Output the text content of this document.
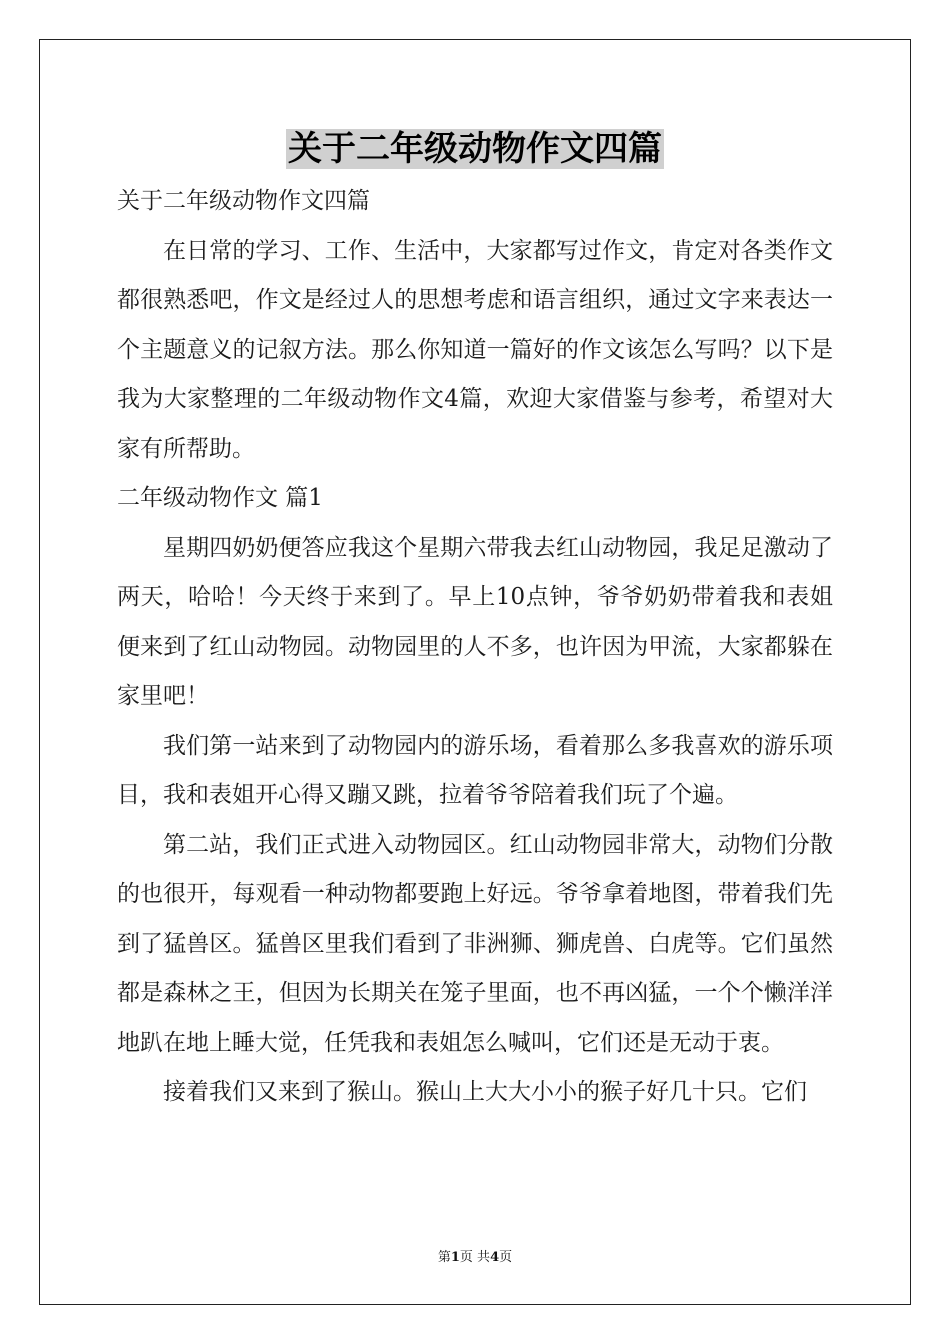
关于二年级动物作文四篇

关于二年级动物作文四篇

在日常的学习、工作、生活中，大家都写过作文，肯定对各类作文都很熟悉吧，作文是经过人的思想考虑和语言组织，通过文字来表达一个主题意义的记叙方法。那么你知道一篇好的作文该怎么写吗？以下是我为大家整理的二年级动物作文4篇，欢迎大家借鉴与参考，希望对大家有所帮助。

二年级动物作文 篇1

星期四奶奶便答应我这个星期六带我去红山动物园，我足足激动了两天，哈哈！今天终于来到了。早上10点钟，爷爷奶奶带着我和表姐便来到了红山动物园。动物园里的人不多，也许因为甲流，大家都躲在家里吧！

我们第一站来到了动物园内的游乐场，看着那么多我喜欢的游乐项目，我和表姐开心得又蹦又跳，拉着爷爷陪着我们玩了个遍。

第二站，我们正式进入动物园区。红山动物园非常大，动物们分散的也很开，每观看一种动物都要跑上好远。爷爷拿着地图，带着我们先到了猛兽区。猛兽区里我们看到了非洲狮、狮虎兽、白虎等。它们虽然都是森林之王，但因为长期关在笼子里面，也不再凶猛，一个个懒洋洋地趴在地上睡大觉，任凭我和表姐怎么喊叫，它们还是无动于衷。

接着我们又来到了猴山。猴山上大大小小的猴子好几十只。它们

第1页 共4页
